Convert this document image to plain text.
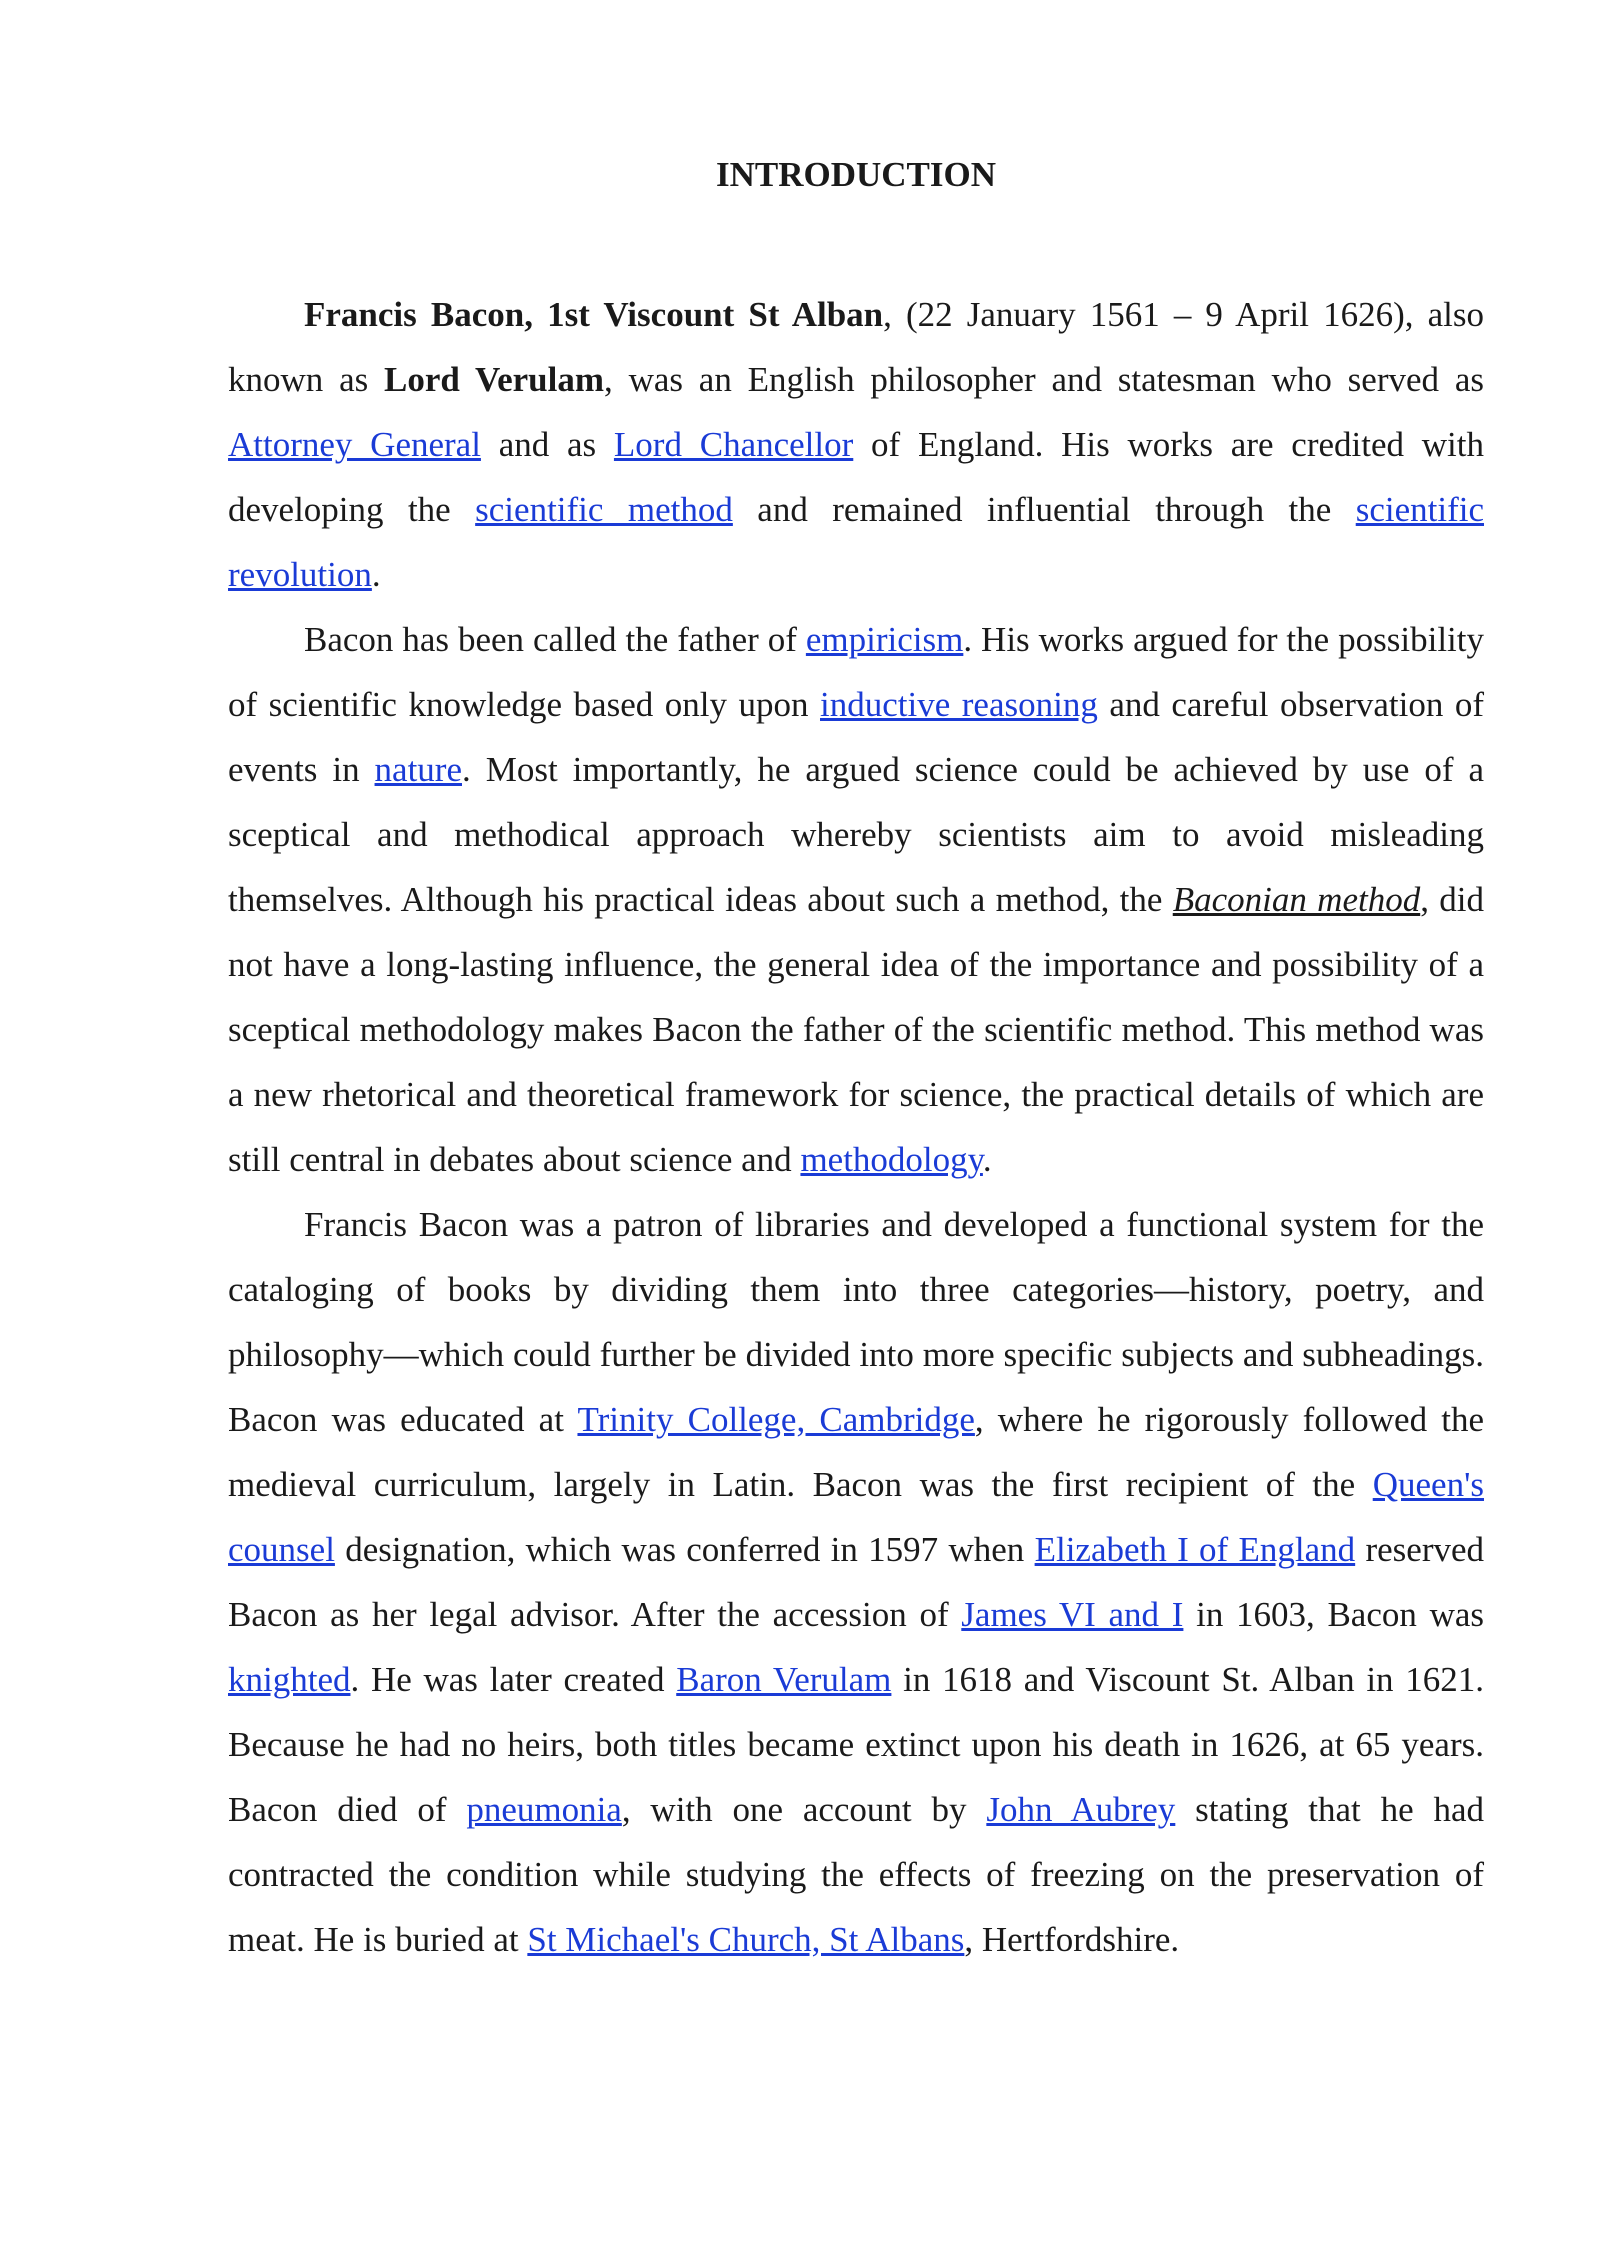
INTRODUCTION

Francis Bacon, 1st Viscount St Alban, (22 January 1561 – 9 April 1626), also known as Lord Verulam, was an English philosopher and statesman who served as Attorney General and as Lord Chancellor of England. His works are credited with developing the scientific method and remained influential through the scientific revolution.

Bacon has been called the father of empiricism. His works argued for the possibility of scientific knowledge based only upon inductive reasoning and careful observation of events in nature. Most importantly, he argued science could be achieved by use of a sceptical and methodical approach whereby scientists aim to avoid misleading themselves. Although his practical ideas about such a method, the Baconian method, did not have a long-lasting influence, the general idea of the importance and possibility of a sceptical methodology makes Bacon the father of the scientific method. This method was a new rhetorical and theoretical framework for science, the practical details of which are still central in debates about science and methodology.

Francis Bacon was a patron of libraries and developed a functional system for the cataloging of books by dividing them into three categories—history, poetry, and philosophy—which could further be divided into more specific subjects and subheadings. Bacon was educated at Trinity College, Cambridge, where he rigorously followed the medieval curriculum, largely in Latin. Bacon was the first recipient of the Queen's counsel designation, which was conferred in 1597 when Elizabeth I of England reserved Bacon as her legal advisor. After the accession of James VI and I in 1603, Bacon was knighted. He was later created Baron Verulam in 1618 and Viscount St. Alban in 1621. Because he had no heirs, both titles became extinct upon his death in 1626, at 65 years. Bacon died of pneumonia, with one account by John Aubrey stating that he had contracted the condition while studying the effects of freezing on the preservation of meat. He is buried at St Michael's Church, St Albans, Hertfordshire.
